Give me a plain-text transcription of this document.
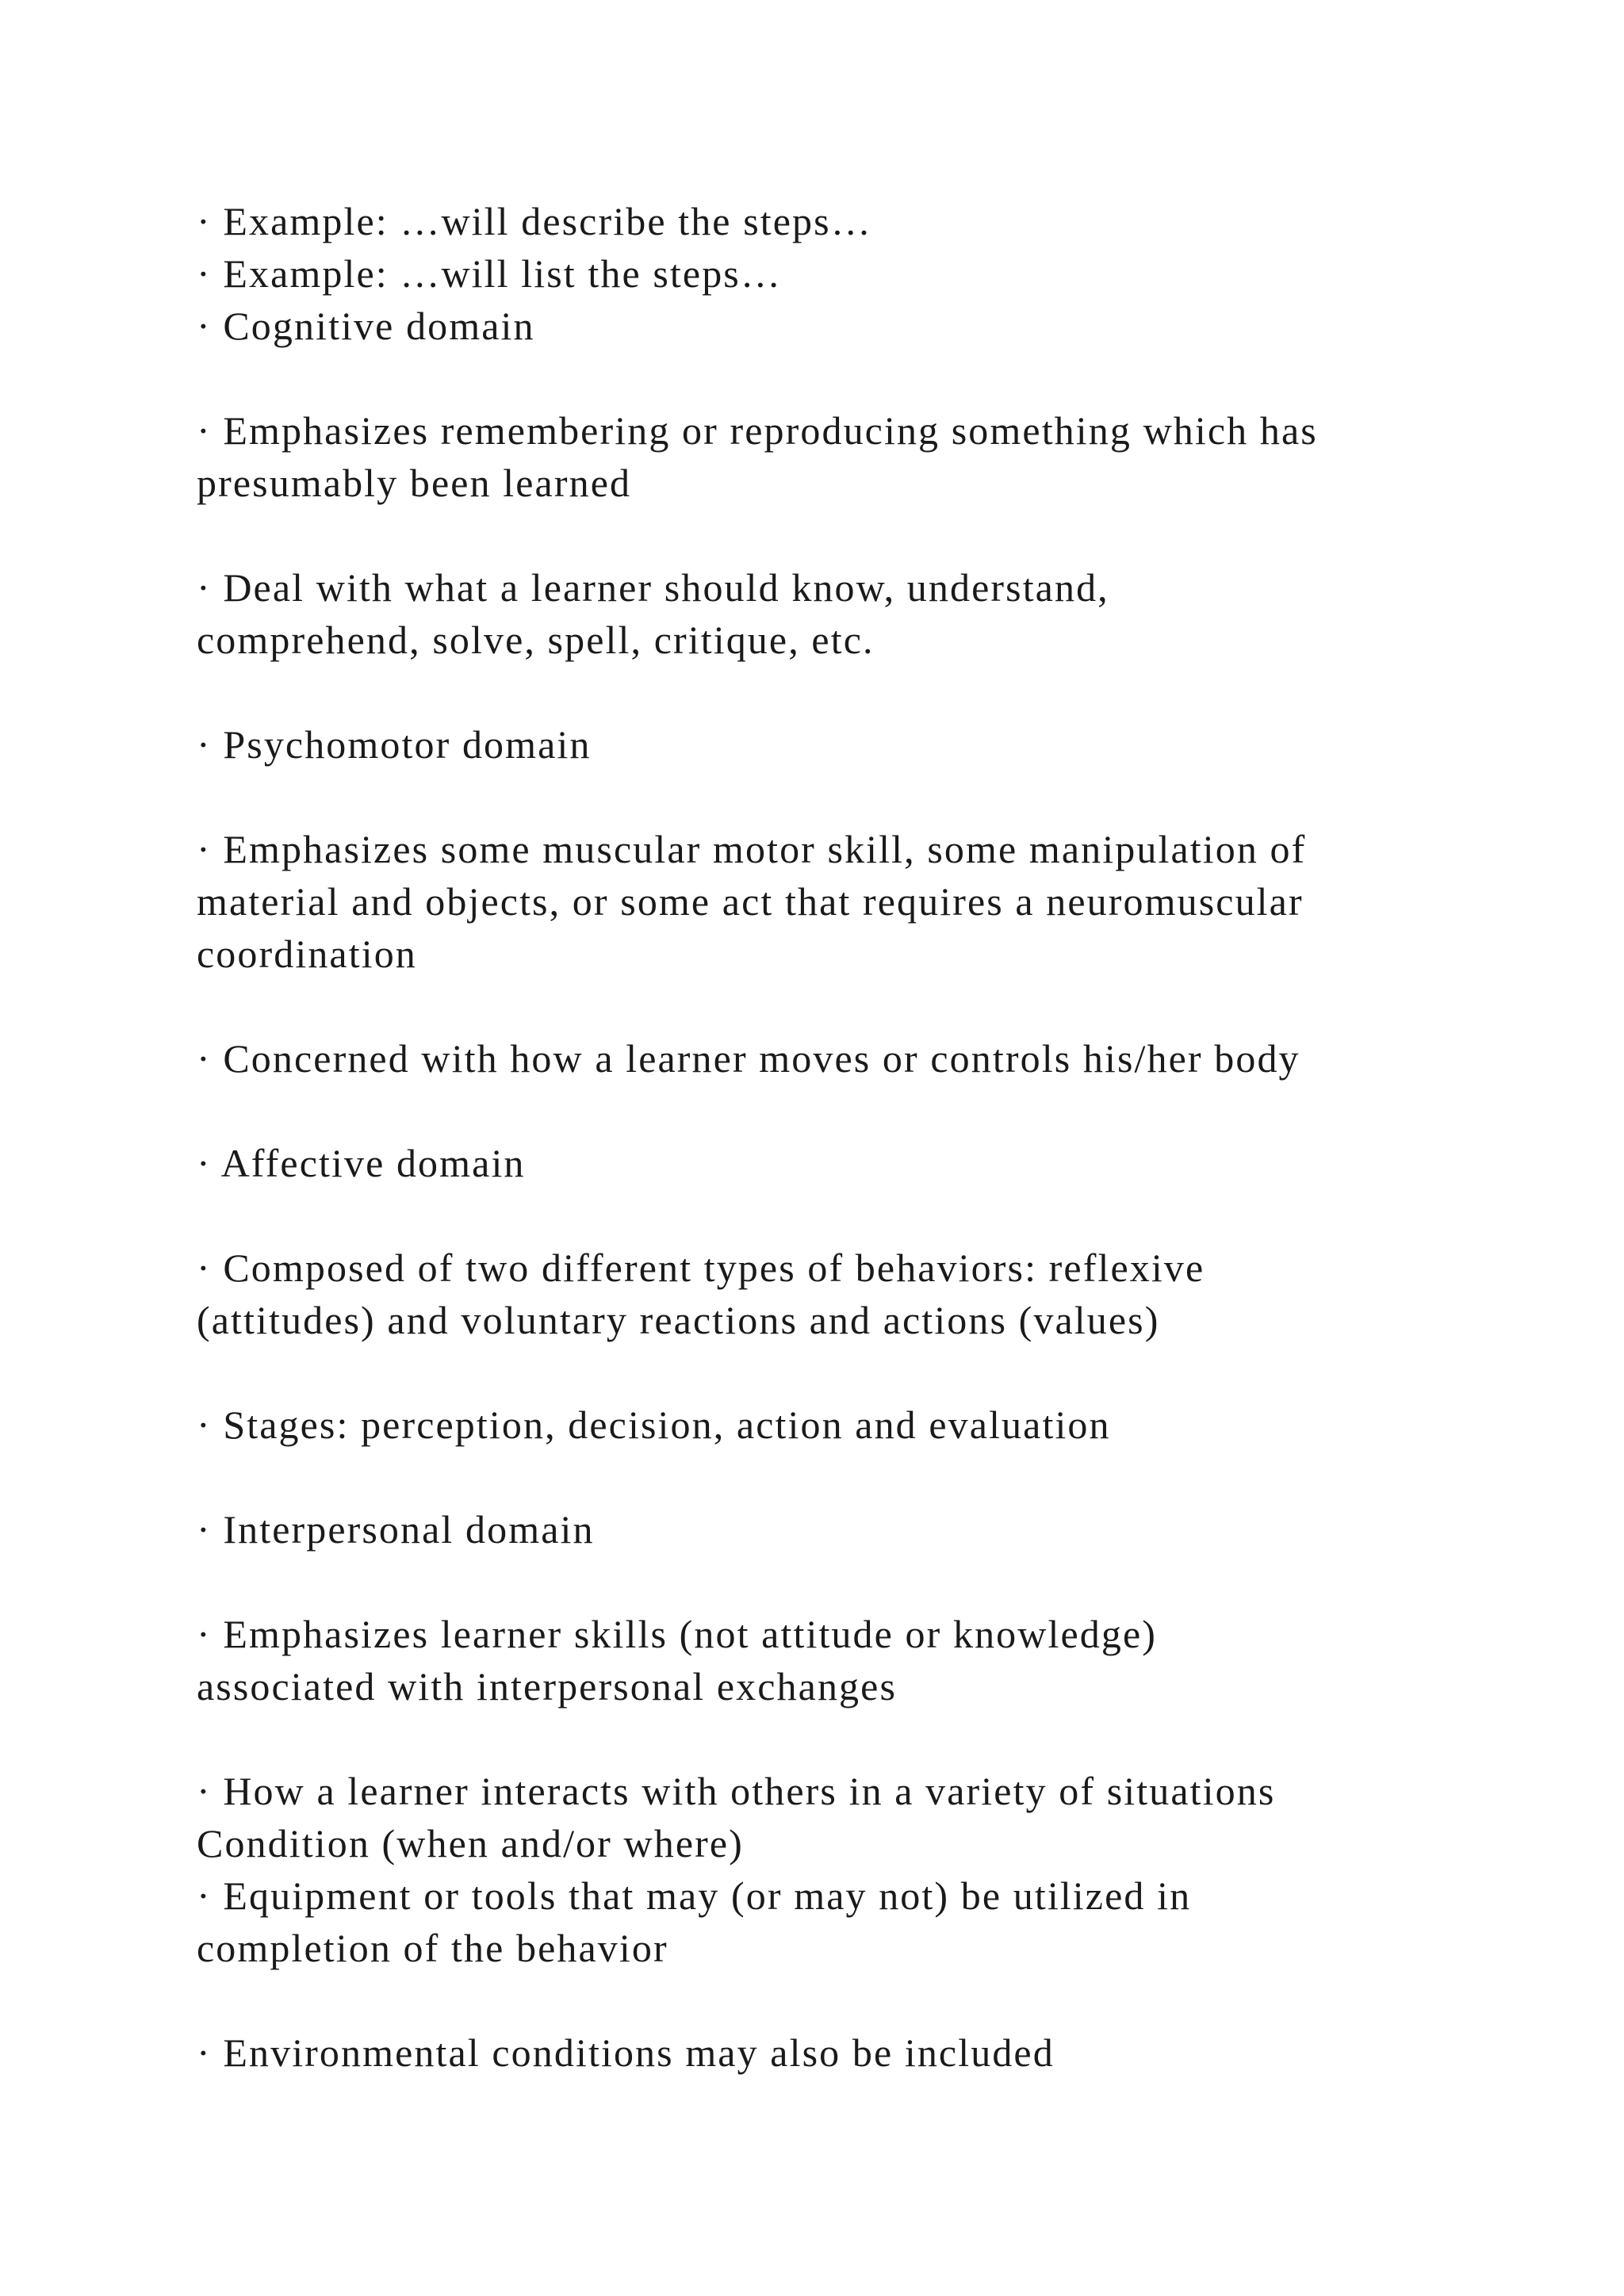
· Example: …will describe the steps…
· Example: …will list the steps…
· Cognitive domain
· Emphasizes remembering or reproducing something which has
presumably been learned
· Deal with what a learner should know, understand,
comprehend, solve, spell, critique, etc.
· Psychomotor domain
· Emphasizes some muscular motor skill, some manipulation of
material and objects, or some act that requires a neuromuscular
coordination
· Concerned with how a learner moves or controls his/her body
· Affective domain
· Composed of two different types of behaviors: reflexive
(attitudes) and voluntary reactions and actions (values)
· Stages: perception, decision, action and evaluation
· Interpersonal domain
· Emphasizes learner skills (not attitude or knowledge)
associated with interpersonal exchanges
· How a learner interacts with others in a variety of situations
Condition (when and/or where)
· Equipment or tools that may (or may not) be utilized in
completion of the behavior
· Environmental conditions may also be included
